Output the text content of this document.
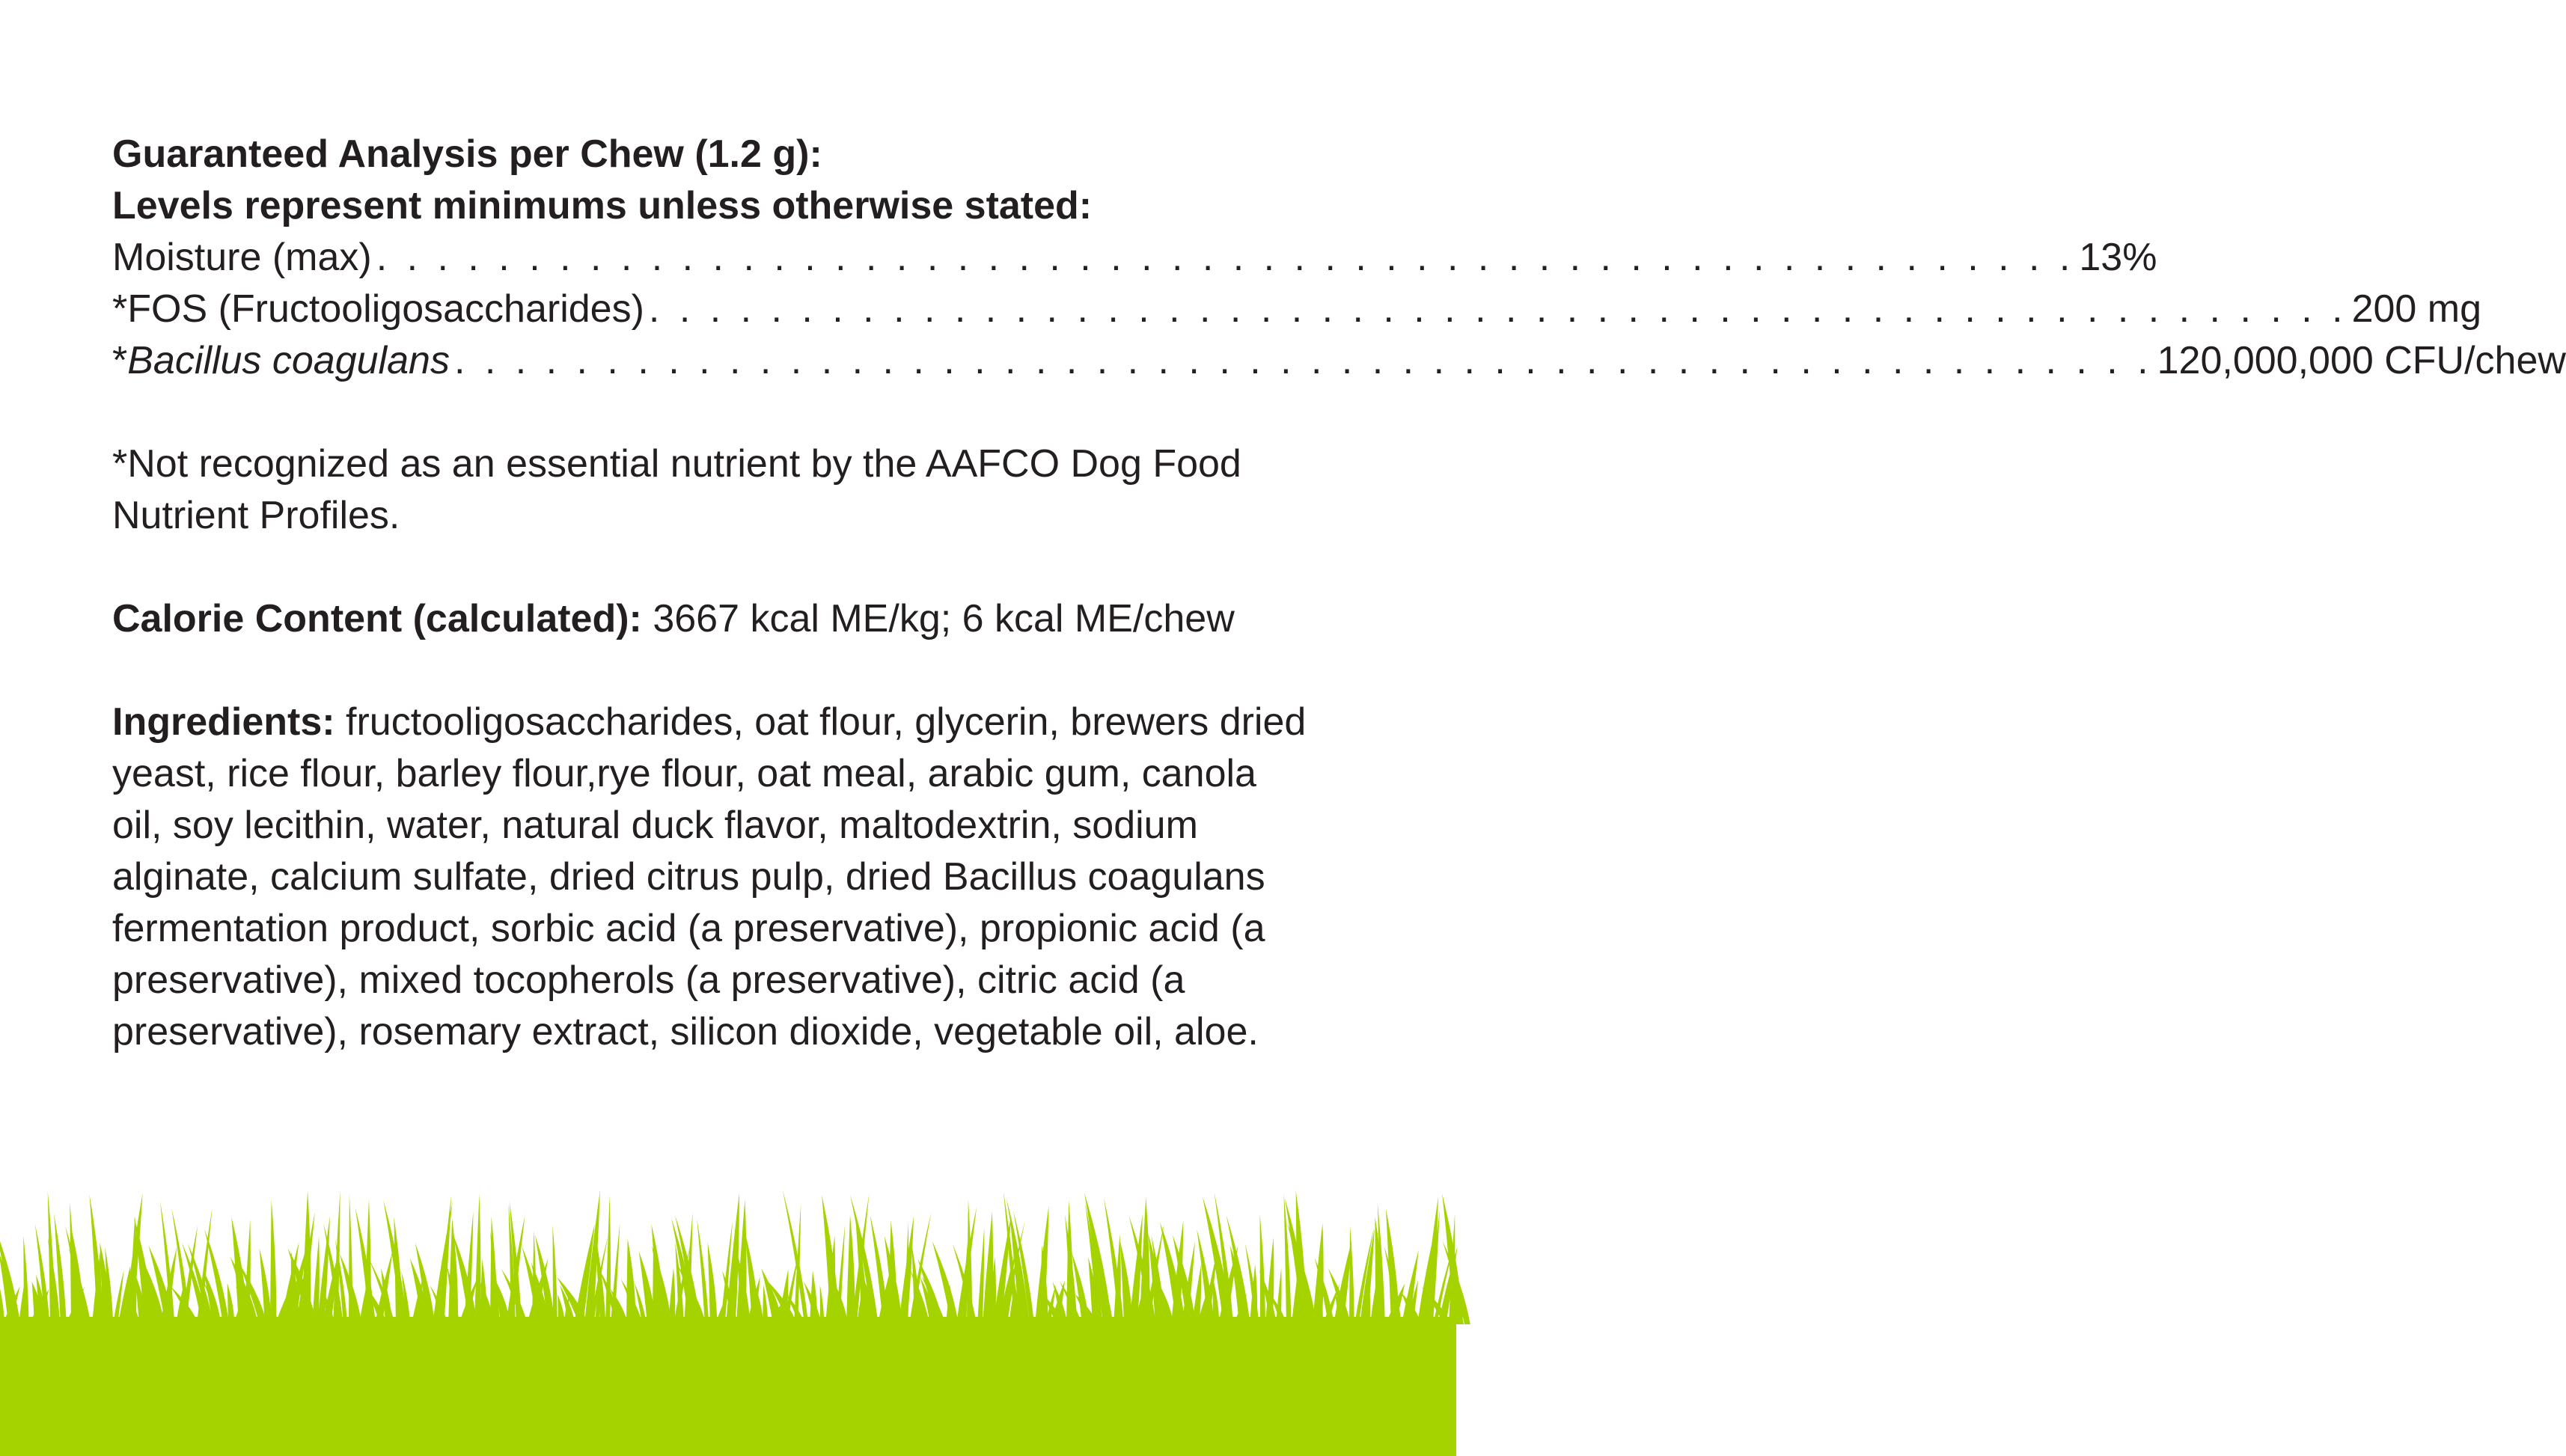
Guaranteed Analysis per Chew (1.2 g):
Levels represent minimums unless otherwise stated:
Moisture (max) . . . . . . . . . . . . . . . . . . . . . . . . . . . . . . . . . . . . . . . . . . . . . . . . . . . . . . . . 13%
*FOS (Fructooligosaccharides) . . . . . . . . . . . . . . . . . . . . . . . . . . . . . . . . . . . . . . . . . . . . . . . . . . . . . . . . 200 mg
*Bacillus coagulans . . . . . . . . . . . . . . . . . . . . . . . . . . . . . . . . . . . . . . . . . . . . . . . . . . . . . . . . 120,000,000 CFU/chew
*Not recognized as an essential nutrient by the AAFCO Dog Food Nutrient Profiles.
Calorie Content (calculated): 3667 kcal ME/kg; 6 kcal ME/chew
Ingredients: fructooligosaccharides, oat flour, glycerin, brewers dried yeast, rice flour, barley flour,rye flour, oat meal, arabic gum, canola oil, soy lecithin, water, natural duck flavor, maltodextrin, sodium alginate, calcium sulfate, dried citrus pulp, dried Bacillus coagulans fermentation product, sorbic acid (a preservative), propionic acid (a preservative), mixed tocopherols (a preservative), citric acid (a preservative), rosemary extract, silicon dioxide, vegetable oil, aloe.
